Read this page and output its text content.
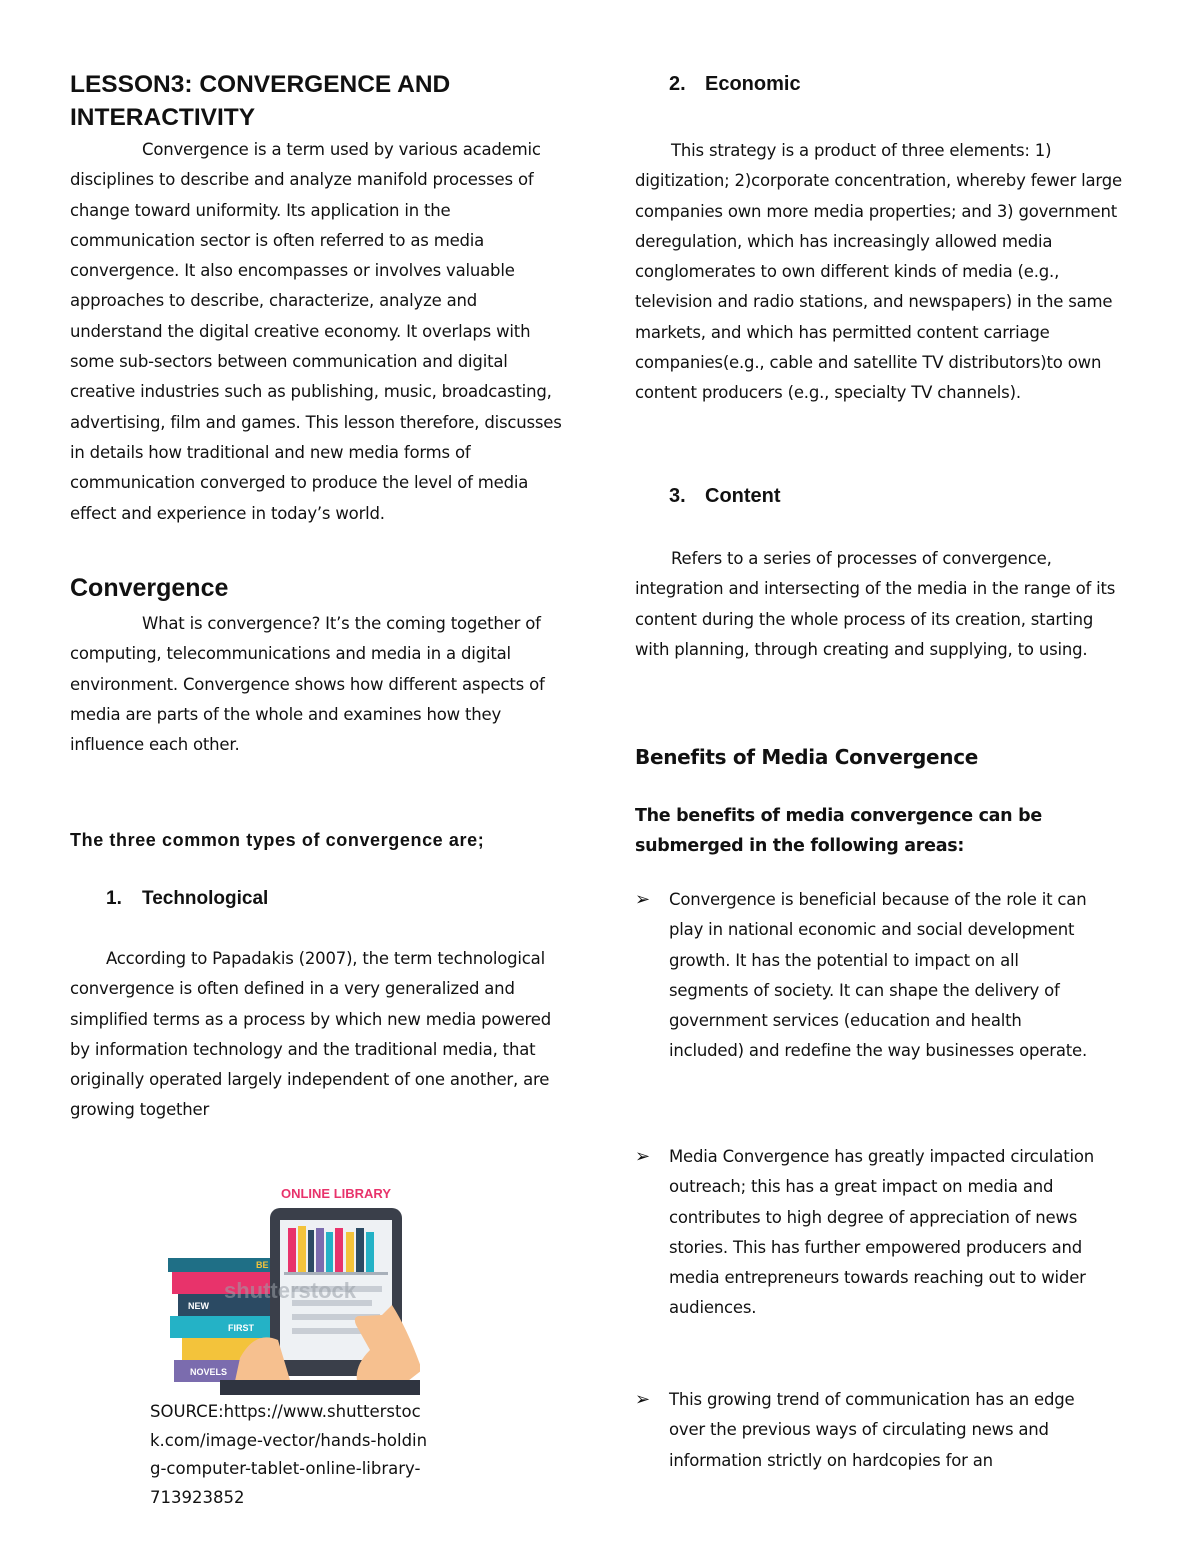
LESSON3: CONVERGENCE AND INTERACTIVITY

Convergence is a term used by various academic disciplines to describe and analyze manifold processes of change toward uniformity. Its application in the communication sector is often referred to as media convergence. It also encompasses or involves valuable approaches to describe, characterize, analyze and understand the digital creative economy. It overlaps with some sub-sectors between communication and digital creative industries such as publishing, music, broadcasting, advertising, film and games. This lesson therefore, discusses in details how traditional and new media forms of communication converged to produce the level of media effect and experience in today’s world.

Convergence

What is convergence? It’s the coming together of computing, telecommunications and media in a digital environment. Convergence shows how different aspects of media are parts of the whole and examines how they influence each other.

The three common types of convergence are;
1. Technological

According to Papadakis (2007), the term technological convergence is often defined in a very generalized and simplified terms as a process by which new media powered by information technology and the traditional media, that originally operated largely independent of one another, are growing together

NEW
FIRST
NOVELS
BE
ONLINE LIBRARY
shutterstock

SOURCE:https://www.shutterstock.com/image-vector/hands-holding-computer-tablet-online-library-713923852

2. Economic

This strategy is a product of three elements: 1) digitization; 2)corporate concentration, whereby fewer large companies own more media properties; and 3) government deregulation, which has increasingly allowed media conglomerates to own different kinds of media (e.g., television and radio stations, and newspapers) in the same markets, and which has permitted content carriage companies(e.g., cable and satellite TV distributors)to own content producers (e.g., specialty TV channels).

3. Content

Refers to a series of processes of convergence, integration and intersecting of the media in the range of its content during the whole process of its creation, starting with planning, through creating and supplying, to using.

Benefits of Media Convergence

The benefits of media convergence can be submerged in the following areas:

➢ Convergence is beneficial because of the role it can play in national economic and social development growth. It has the potential to impact on all segments of society. It can shape the delivery of government services (education and health included) and redefine the way businesses operate.

➢ Media Convergence has greatly impacted circulation outreach; this has a great impact on media and contributes to high degree of appreciation of news stories. This has further empowered producers and media entrepreneurs towards reaching out to wider audiences.

➢ This growing trend of communication has an edge over the previous ways of circulating news and information strictly on hardcopies for an
